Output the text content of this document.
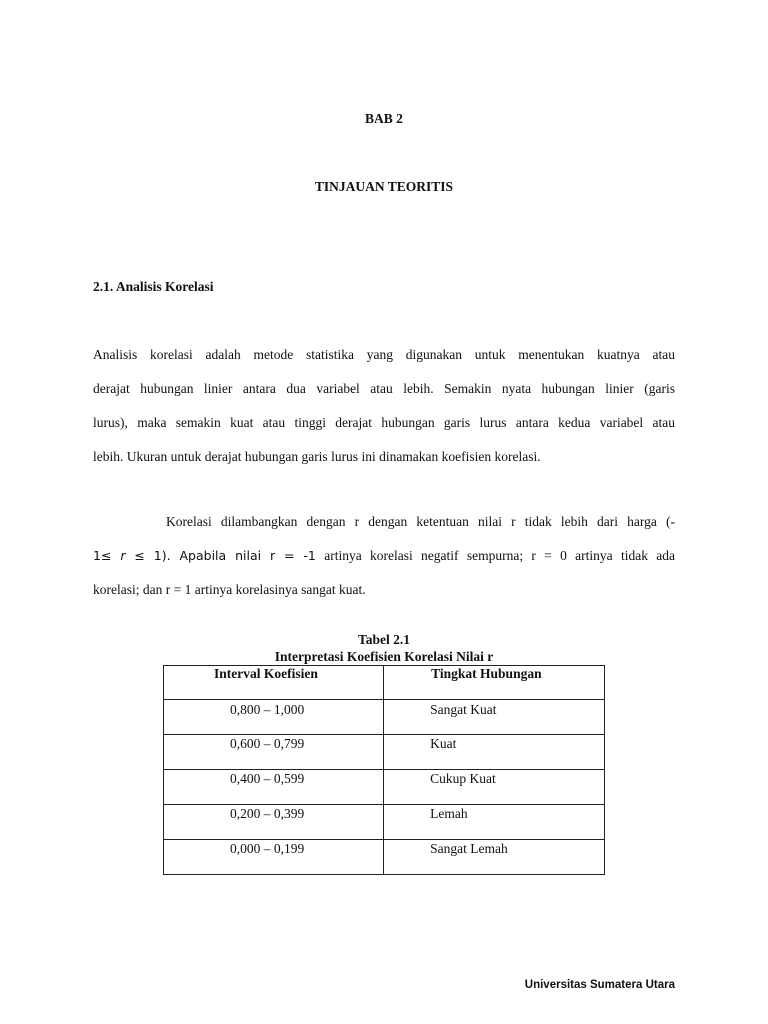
BAB 2
TINJAUAN TEORITIS
2.1. Analisis Korelasi
Analisis korelasi adalah metode statistika yang digunakan untuk menentukan kuatnya atau
derajat hubungan linier antara dua variabel atau lebih. Semakin nyata hubungan linier (garis
lurus), maka semakin kuat atau tinggi derajat hubungan garis lurus antara kedua variabel atau
lebih. Ukuran untuk derajat hubungan garis lurus ini dinamakan koefisien korelasi.
Korelasi dilambangkan dengan r dengan ketentuan nilai r tidak lebih dari harga (-
1≤ r ≤ 1). Apabila nilai r = -1 artinya korelasi negatif sempurna; r = 0 artinya tidak ada
korelasi; dan r = 1 artinya korelasinya sangat kuat.
Tabel 2.1
Interpretasi Koefisien Korelasi Nilai r
Interval Koefisien	Tingkat Hubungan
0,800 – 1,000	Sangat Kuat
0,600 – 0,799	Kuat
0,400 – 0,599	Cukup Kuat
0,200 – 0,399	Lemah
0,000 – 0,199	Sangat Lemah
Universitas Sumatera Utara
